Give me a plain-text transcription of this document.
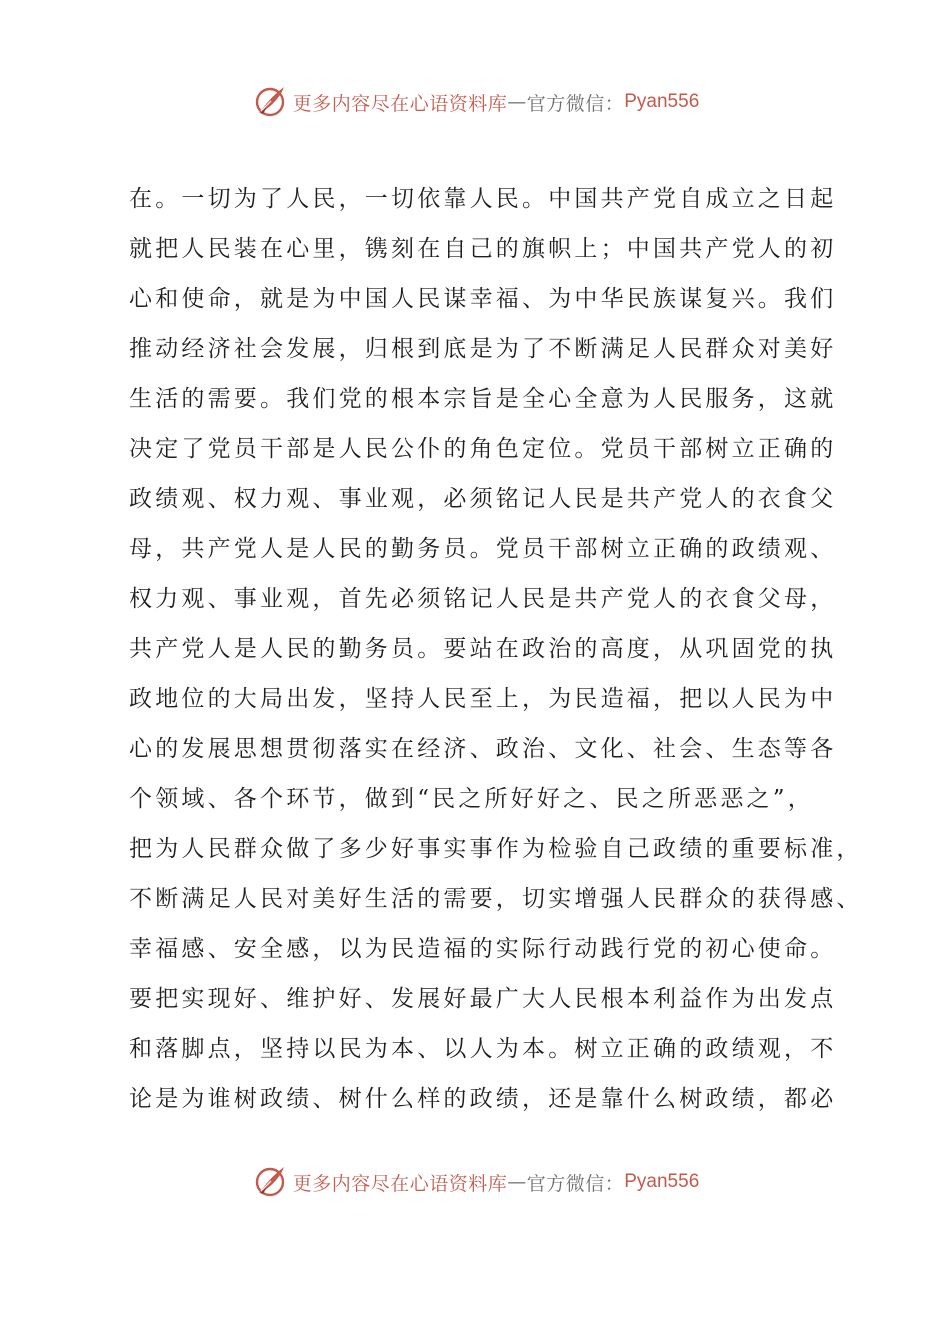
更多内容尽在心语资料库 — 官方微信： Pyan556
在。一切为了人民，一切依靠人民。中国共产党自成立之日起
就把人民装在心里，镌刻在自己的旗帜上；中国共产党人的初
心和使命，就是为中国人民谋幸福、为中华民族谋复兴。我们
推动经济社会发展，归根到底是为了不断满足人民群众对美好
生活的需要。我们党的根本宗旨是全心全意为人民服务，这就
决定了党员干部是人民公仆的角色定位。党员干部树立正确的
政绩观、权力观、事业观，必须铭记人民是共产党人的衣食父
母，共产党人是人民的勤务员。党员干部树立正确的政绩观、
权力观、事业观，首先必须铭记人民是共产党人的衣食父母，
共产党人是人民的勤务员。要站在政治的高度，从巩固党的执
政地位的大局出发，坚持人民至上，为民造福，把以人民为中
心的发展思想贯彻落实在经济、政治、文化、社会、生态等各
个领域、各个环节，做到“民之所好好之、民之所恶恶之”，
把为人民群众做了多少好事实事作为检验自己政绩的重要标准，
不断满足人民对美好生活的需要，切实增强人民群众的获得感、
幸福感、安全感，以为民造福的实际行动践行党的初心使命。
要把实现好、维护好、发展好最广大人民根本利益作为出发点
和落脚点，坚持以民为本、以人为本。树立正确的政绩观，不
论是为谁树政绩、树什么样的政绩，还是靠什么树政绩，都必
更多内容尽在心语资料库 — 官方微信： Pyan556
